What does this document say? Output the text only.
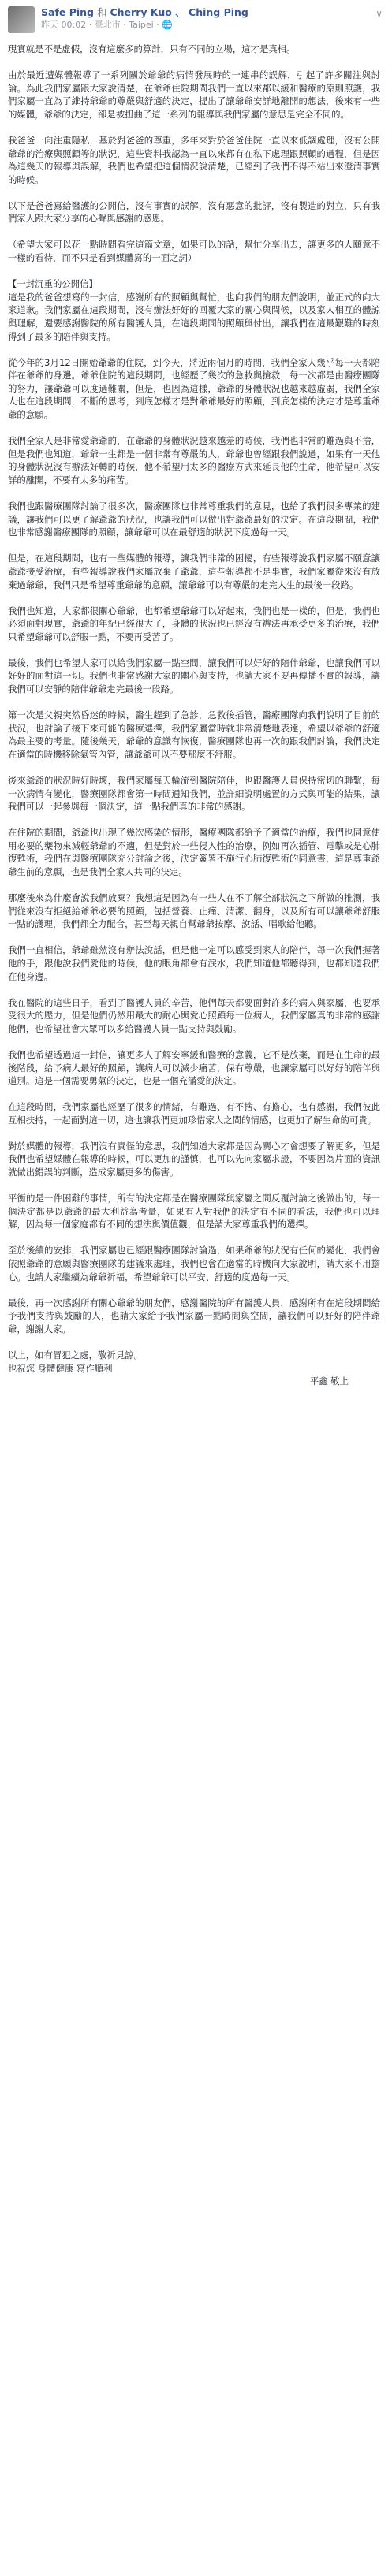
Safe Ping 和 Cherry Kuo 、 Ching Ping
昨天 00:02 · 臺北市 · Taipei · 🌐
∨

現實就是不是虛假，沒有這麼多的算計，只有不同的立場，這才是真相。

由於最近遭媒體報導了一系列關於爺爺的病情發展時的一連串的誤解，引起了許多關注與討論。為此我們家屬跟大家說清楚，在爺爺住院期間我們一直以來都以緩和醫療的原則照護，我們家屬一直為了維持爺爺的尊嚴與舒適的決定，提出了讓爺爺安詳地離開的想法，後來有一些的媒體，爺爺的決定，卻是被扭曲了這一系列的報導與我們家屬的意思是完全不同的。

我爸爸一向注重隱私，基於對爸爸的尊重，多年來對於爸爸住院一直以來低調處理，沒有公開爺爺的治療與照顧等的狀況，這些資料我認為一直以來都有在私下處理跟照顧的過程，但是因為這幾天的報導與誤解，我們也希望把這個情況說清楚，已經到了我們不得不站出來澄清事實的時候。

以下是爸爸寫給醫護的公開信，沒有事實的誤解，沒有惡意的批評，沒有製造的對立，只有我們家人跟大家分享的心聲與感謝的感恩。

（希望大家可以花一點時間看完這篇文章，如果可以的話，幫忙分享出去，讓更多的人願意不一樣的看待，而不只是看到媒體寫的一面之詞）

【一封沉重的公開信】

這是我的爸爸想寫的一封信，感謝所有的照顧與幫忙，也向我們的朋友們說明，並正式的向大家道歉。我們家屬在這段期間，沒有辦法好好的回覆大家的關心與問候，以及家人相互的體諒與理解，還要感謝醫院的所有醫護人員，在這段期間的照顧與付出，讓我們在這最艱難的時刻得到了最多的陪伴與支持。

從今年的3月12日開始爺爺的住院，到今天，將近兩個月的時間，我們全家人幾乎每一天都陪伴在爺爺的身邊。爺爺住院的這段期間，也經歷了幾次的急救與搶救，每一次都是由醫療團隊的努力，讓爺爺可以度過難關，但是，也因為這樣，爺爺的身體狀況也越來越虛弱，我們全家人也在這段期間，不斷的思考，到底怎樣才是對爺爺最好的照顧，到底怎樣的決定才是尊重爺爺的意願。

我們全家人是非常愛爺爺的，在爺爺的身體狀況越來越差的時候，我們也非常的難過與不捨，但是我們也知道，爺爺一生都是一個非常有尊嚴的人，爺爺也曾經跟我們說過，如果有一天他的身體狀況沒有辦法好轉的時候，他不希望用太多的醫療方式來延長他的生命，他希望可以安詳的離開，不要有太多的痛苦。

我們也跟醫療團隊討論了很多次，醫療團隊也非常尊重我們的意見，也給了我們很多專業的建議，讓我們可以更了解爺爺的狀況，也讓我們可以做出對爺爺最好的決定。在這段期間，我們也非常感謝醫療團隊的照顧，讓爺爺可以在最舒適的狀況下度過每一天。

但是，在這段期間，也有一些媒體的報導，讓我們非常的困擾，有些報導說我們家屬不願意讓爺爺接受治療，有些報導說我們家屬放棄了爺爺，這些報導都不是事實，我們家屬從來沒有放棄過爺爺，我們只是希望尊重爺爺的意願，讓爺爺可以有尊嚴的走完人生的最後一段路。

我們也知道，大家都很關心爺爺，也都希望爺爺可以好起來，我們也是一樣的，但是，我們也必須面對現實，爺爺的年紀已經很大了，身體的狀況也已經沒有辦法再承受更多的治療，我們只希望爺爺可以舒服一點，不要再受苦了。

最後，我們也希望大家可以給我們家屬一點空間，讓我們可以好好的陪伴爺爺，也讓我們可以好好的面對這一切。我們也非常感謝大家的關心與支持，也請大家不要再傳播不實的報導，讓我們可以安靜的陪伴爺爺走完最後一段路。

第一次是父親突然昏迷的時候，醫生趕到了急診，急救後插管，醫療團隊向我們說明了目前的狀況，也討論了接下來可能的醫療選擇，我們家屬當時就非常清楚地表達，希望以爺爺的舒適為最主要的考量。隨後幾天，爺爺的意識有恢復，醫療團隊也再一次的跟我們討論，我們決定在適當的時機移除氣管內管，讓爺爺可以不要那麼不舒服。

後來爺爺的狀況時好時壞，我們家屬每天輪流到醫院陪伴，也跟醫護人員保持密切的聯繫，每一次病情有變化，醫療團隊都會第一時間通知我們，並詳細說明處置的方式與可能的結果，讓我們可以一起參與每一個決定，這一點我們真的非常的感謝。

在住院的期間，爺爺也出現了幾次感染的情形，醫療團隊都給予了適當的治療，我們也同意使用必要的藥物來減輕爺爺的不適，但是對於一些侵入性的治療，例如再次插管、電擊或是心肺復甦術，我們在與醫療團隊充分討論之後，決定簽署不施行心肺復甦術的同意書，這是尊重爺爺生前的意願，也是我們全家人共同的決定。

那麼後來為什麼會說我們放棄？我想這是因為有一些人在不了解全部狀況之下所做的推測，我們從來沒有拒絕給爺爺必要的照顧，包括營養、止痛、清潔、翻身，以及所有可以讓爺爺舒服一點的護理，我們都全力配合，甚至每天親自幫爺爺按摩、說話、唱歌給他聽。

我們一直相信，爺爺雖然沒有辦法說話，但是他一定可以感受到家人的陪伴，每一次我們握著他的手，跟他說我們愛他的時候，他的眼角都會有淚水，我們知道他都聽得到，也都知道我們在他身邊。

我在醫院的這些日子，看到了醫護人員的辛苦，他們每天都要面對許多的病人與家屬，也要承受很大的壓力，但是他們仍然用最大的耐心與愛心照顧每一位病人，我們家屬真的非常的感謝他們，也希望社會大眾可以多給醫護人員一點支持與鼓勵。

我們也希望透過這一封信，讓更多人了解安寧緩和醫療的意義，它不是放棄，而是在生命的最後階段，給予病人最好的照顧，讓病人可以減少痛苦，保有尊嚴，也讓家屬可以好好的陪伴與道別。這是一個需要勇氣的決定，也是一個充滿愛的決定。

在這段時間，我們家屬也經歷了很多的情緒，有難過、有不捨、有擔心，也有感謝，我們彼此互相扶持，一起面對這一切，這也讓我們更加珍惜家人之間的情感，也更加了解生命的可貴。

對於媒體的報導，我們沒有責怪的意思，我們知道大家都是因為關心才會想要了解更多，但是我們也希望媒體在報導的時候，可以更加的謹慎，也可以先向家屬求證，不要因為片面的資訊就做出錯誤的判斷，造成家屬更多的傷害。

平衡的是一件困難的事情，所有的決定都是在醫療團隊與家屬之間反覆討論之後做出的，每一個決定都是以爺爺的最大利益為考量，如果有人對我們的決定有不同的看法，我們也可以理解，因為每一個家庭都有不同的想法與價值觀，但是請大家尊重我們的選擇。

至於後續的安排，我們家屬也已經跟醫療團隊討論過，如果爺爺的狀況有任何的變化，我們會依照爺爺的意願與醫療團隊的建議來處理，我們也會在適當的時機向大家說明，請大家不用擔心。也請大家繼續為爺爺祈福，希望爺爺可以平安、舒適的度過每一天。

最後，再一次感謝所有關心爺爺的朋友們，感謝醫院的所有醫護人員，感謝所有在這段期間給予我們支持與鼓勵的人，也請大家給予我們家屬一點時間與空間，讓我們可以好好的陪伴爺爺，謝謝大家。

以上，如有冒犯之處，敬祈見諒。

也祝您 身體健康 寫作順利

平鑫 敬上
